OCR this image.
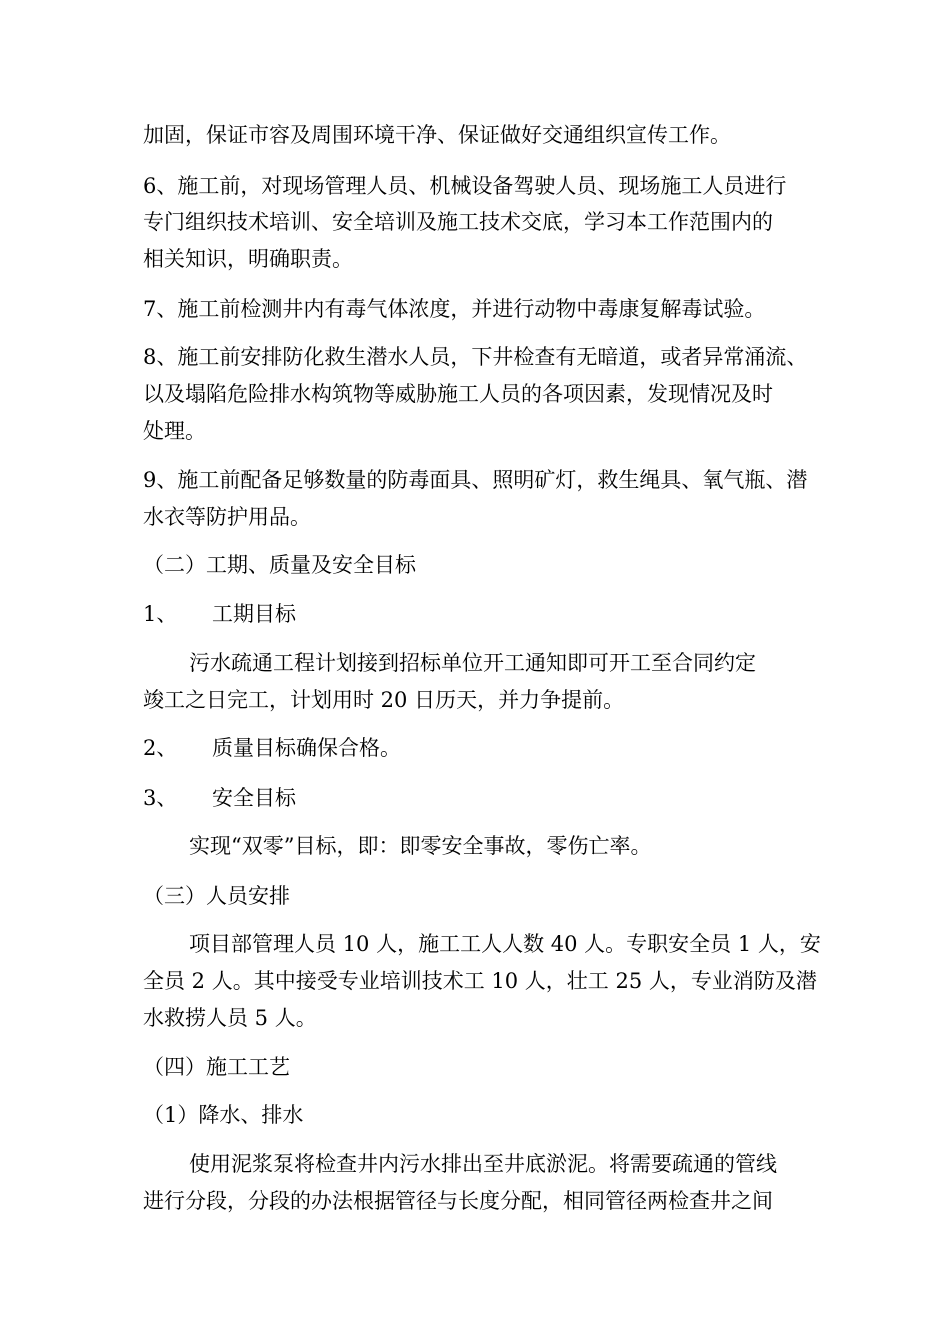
加固，保证市容及周围环境干净、保证做好交通组织宣传工作。
6、施工前，对现场管理人员、机械设备驾驶人员、现场施工人员进行
专门组织技术培训、安全培训及施工技术交底，学习本工作范围内的
相关知识，明确职责。
7、施工前检测井内有毒气体浓度，并进行动物中毒康复解毒试验。
8、施工前安排防化救生潜水人员，下井检查有无暗道，或者异常涌流、
以及塌陷危险排水构筑物等威胁施工人员的各项因素，发现情况及时
处理。
9、施工前配备足够数量的防毒面具、照明矿灯，救生绳具、氧气瓶、潜
水衣等防护用品。
（二）工期、质量及安全目标
1、 工期目标
污水疏通工程计划接到招标单位开工通知即可开工至合同约定
竣工之日完工，计划用时 20 日历天，并力争提前。
2、 质量目标确保合格。
3、 安全目标
实现“双零”目标，即：即零安全事故，零伤亡率。
（三）人员安排
项目部管理人员 10 人，施工工人人数 40 人。专职安全员 1 人，安
全员 2 人。其中接受专业培训技术工 10 人，壮工 25 人，专业消防及潜
水救捞人员 5 人。
（四）施工工艺
（1）降水、排水
使用泥浆泵将检查井内污水排出至井底淤泥。将需要疏通的管线
进行分段，分段的办法根据管径与长度分配，相同管径两检查井之间
